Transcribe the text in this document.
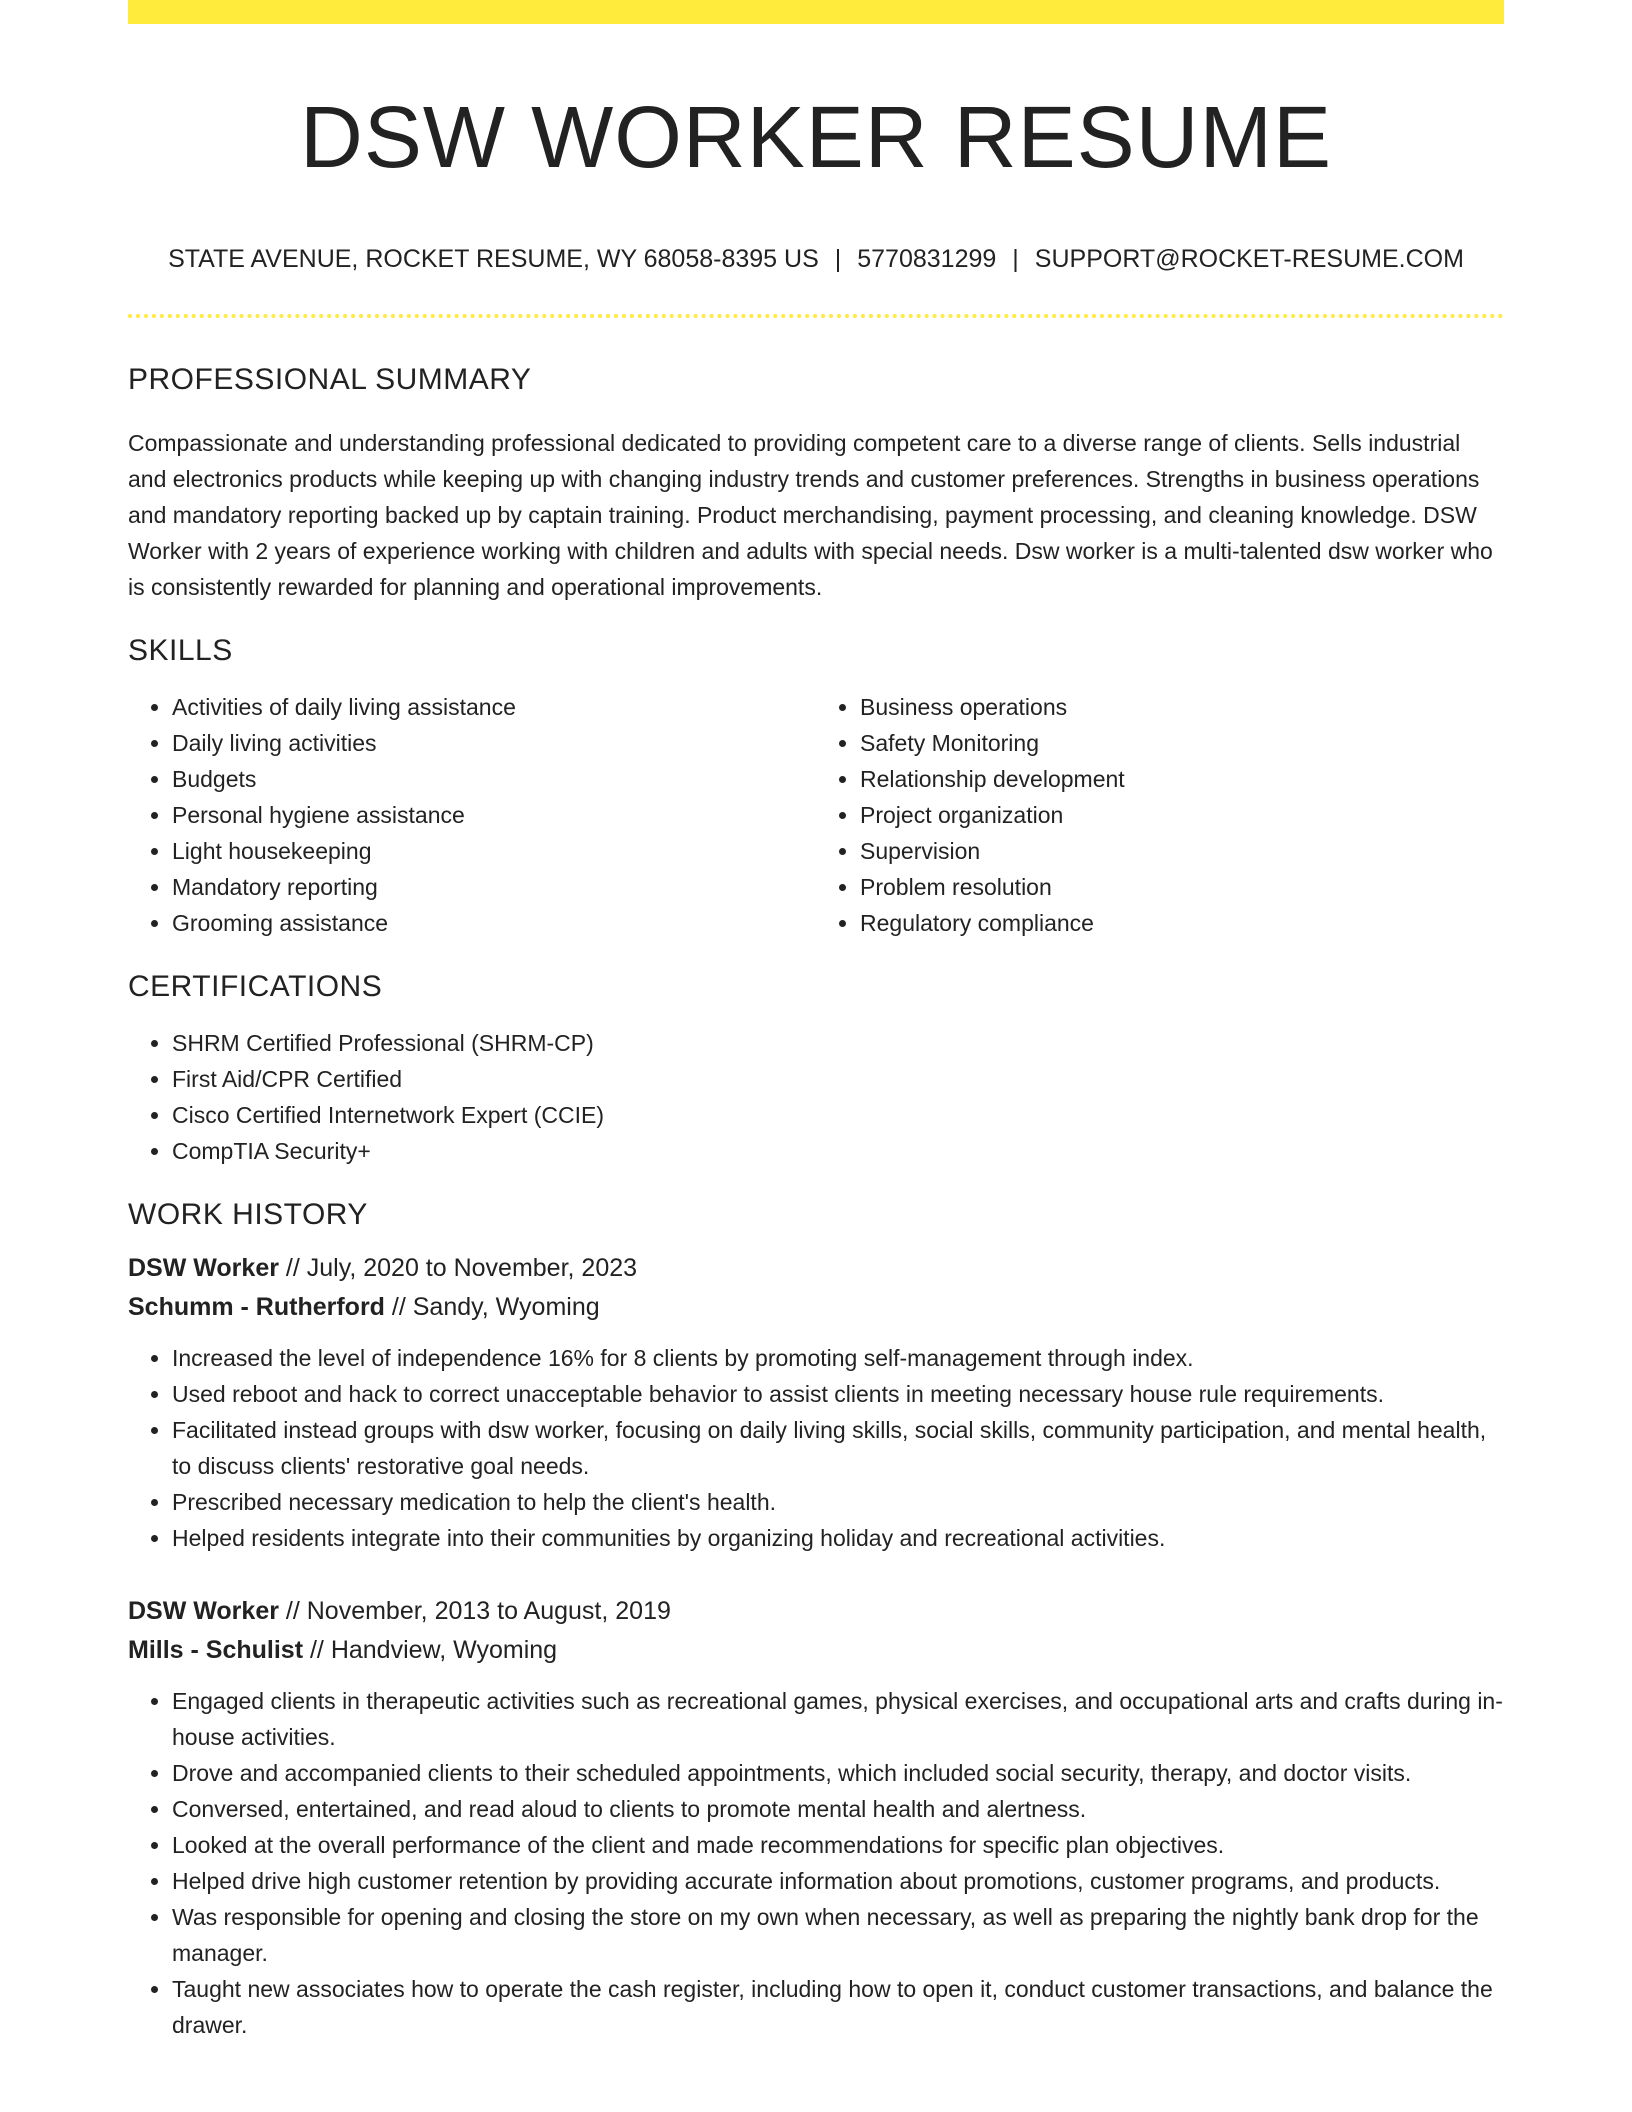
DSW WORKER RESUME
STATE AVENUE, ROCKET RESUME, WY 68058-8395 US | 5770831299 | SUPPORT@ROCKET-RESUME.COM
PROFESSIONAL SUMMARY

Compassionate and understanding professional dedicated to providing competent care to a diverse range of clients. Sells industrial and electronics products while keeping up with changing industry trends and customer preferences. Strengths in business operations and mandatory reporting backed up by captain training. Product merchandising, payment processing, and cleaning knowledge. DSW Worker with 2 years of experience working with children and adults with special needs. Dsw worker is a multi-talented dsw worker who is consistently rewarded for planning and operational improvements.

SKILLS
• Activities of daily living assistance
• Daily living activities
• Budgets
• Personal hygiene assistance
• Light housekeeping
• Mandatory reporting
• Grooming assistance
• Business operations
• Safety Monitoring
• Relationship development
• Project organization
• Supervision
• Problem resolution
• Regulatory compliance
CERTIFICATIONS
• SHRM Certified Professional (SHRM-CP)
• First Aid/CPR Certified
• Cisco Certified Internetwork Expert (CCIE)
• CompTIA Security+
WORK HISTORY
DSW Worker // July, 2020 to November, 2023
Schumm - Rutherford // Sandy, Wyoming
• Increased the level of independence 16% for 8 clients by promoting self-management through index.
• Used reboot and hack to correct unacceptable behavior to assist clients in meeting necessary house rule requirements.
• Facilitated instead groups with dsw worker, focusing on daily living skills, social skills, community participation, and mental health, to discuss clients' restorative goal needs.
• Prescribed necessary medication to help the client's health.
• Helped residents integrate into their communities by organizing holiday and recreational activities.
DSW Worker // November, 2013 to August, 2019
Mills - Schulist // Handview, Wyoming
• Engaged clients in therapeutic activities such as recreational games, physical exercises, and occupational arts and crafts during in-house activities.
• Drove and accompanied clients to their scheduled appointments, which included social security, therapy, and doctor visits.
• Conversed, entertained, and read aloud to clients to promote mental health and alertness.
• Looked at the overall performance of the client and made recommendations for specific plan objectives.
• Helped drive high customer retention by providing accurate information about promotions, customer programs, and products.
• Was responsible for opening and closing the store on my own when necessary, as well as preparing the nightly bank drop for the manager.
• Taught new associates how to operate the cash register, including how to open it, conduct customer transactions, and balance the drawer.
